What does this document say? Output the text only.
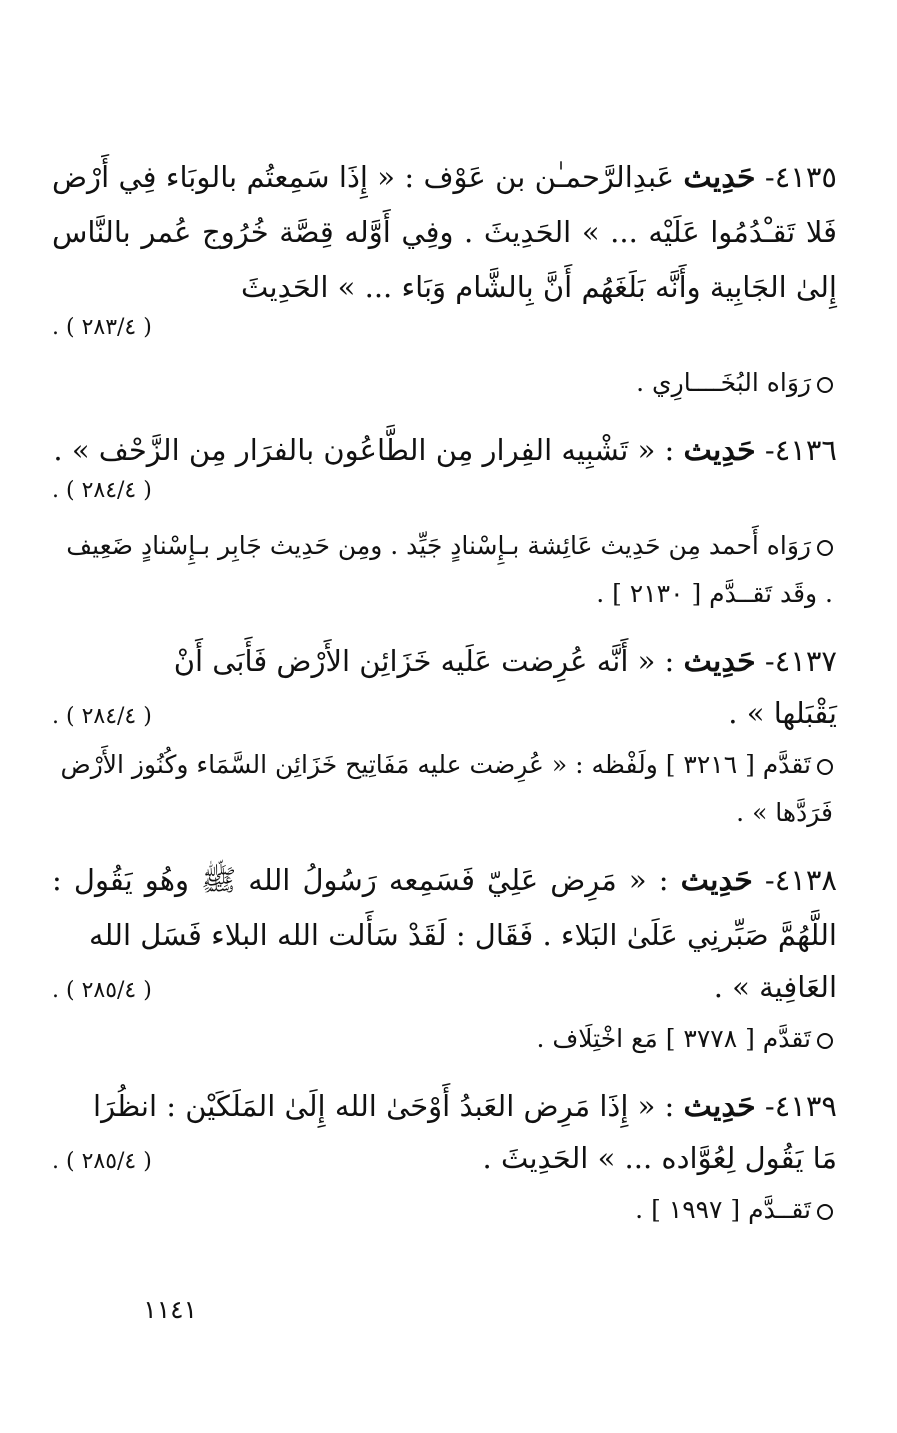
٤١٣٥- حَدِيث عَبدِالرَّحمـٰن بن عَوْف : « إِذَا سَمِعتُم بالوبَاء فِي أَرْض فَلا تَقـْدُمُوا عَلَيْه ... » الحَدِيثَ . وفِي أَوَّله قِصَّة خُرُوج عُمر بالنَّاس إِلىٰ الجَابِية وأَنَّه بَلَغَهُم أَنَّ بِالشَّام وَبَاء ... » الحَدِيثَ

( ٢٨٣/٤ ) .

رَوَاه البُخَــــارِي .

٤١٣٦- حَدِيث : « تَشْبِيه الفِرار مِن الطَّاعُون بالفرَار مِن الزَّحْف » .

( ٢٨٤/٤ ) .

رَوَاه أَحمد مِن حَدِيث عَائِشة بـإِسْنادٍ جَيِّد . ومِن حَدِيث جَابِر بـإِسْنادٍ ضَعِيف . وقَد تَقــدَّم [ ٢١٣٠ ] .

٤١٣٧- حَدِيث : « أَنَّه عُرِضت عَلَيه خَزَائِن الأَرْض فَأَبَى أَنْ

يَقْبَلها » .
( ٢٨٤/٤ ) .

تَقدَّم [ ٣٢١٦ ] ولَفْظه : « عُرِضت عليه مَفَاتِيح خَزَائِن السَّمَاء وكُنُوز الأَرْض فَرَدَّها » .

٤١٣٨- حَدِيث : « مَرِض عَلِيّ فَسَمِعه رَسُولُ الله ﷺ وهُو يَقُول : اللَّهُمَّ صَبِّرنِي عَلَىٰ البَلاء . فَقَال : لَقَدْ سَأَلت الله البلاء فَسَل الله

العَافِية » .
( ٢٨٥/٤ ) .

تَقدَّم [ ٣٧٧٨ ] مَع اخْتِلَاف .

٤١٣٩- حَدِيث : « إِذَا مَرِض العَبدُ أَوْحَىٰ الله إِلَىٰ المَلَكَيْن : انظُرَا

مَا يَقُول لِعُوَّاده ... » الحَدِيثَ .
( ٢٨٥/٤ ) .

تَقــدَّم [ ١٩٩٧ ] .

١١٤١
